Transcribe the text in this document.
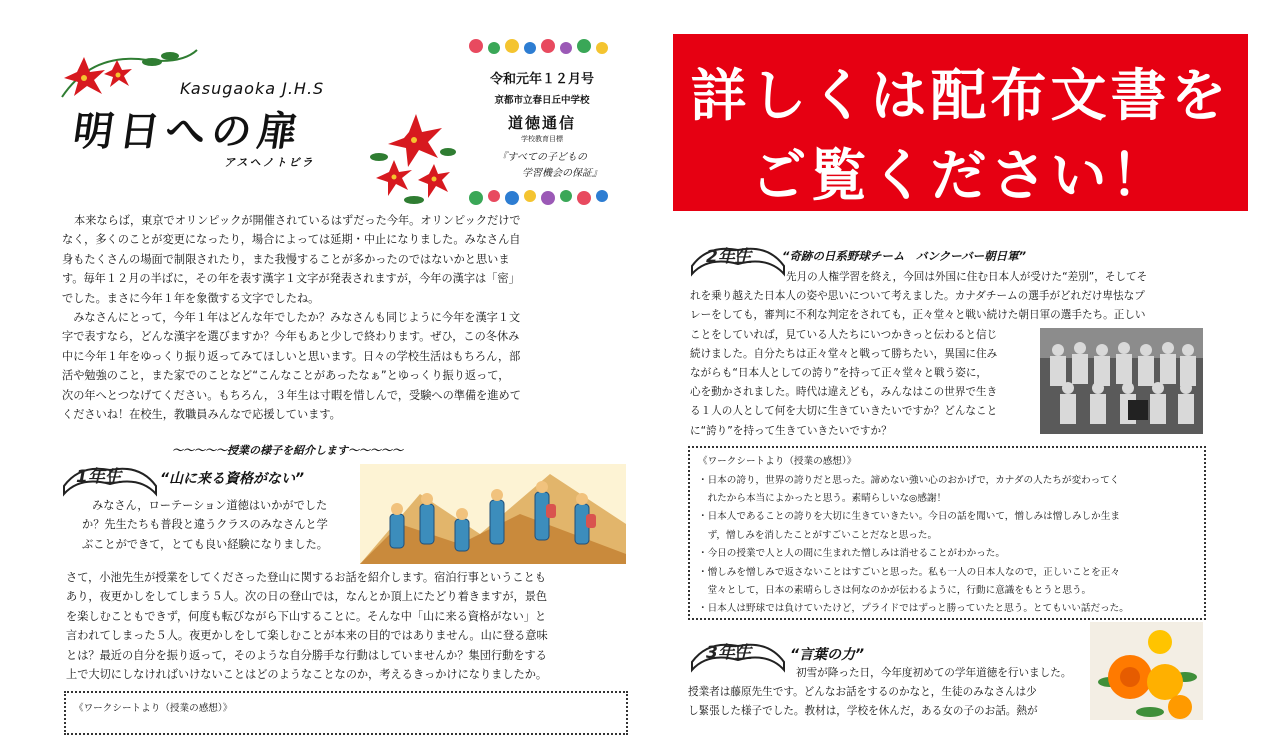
Kasugaoka J.H.S
明日への扉
アスヘノトビラ
令和元年１２月号
京都市立春日丘中学校
道徳通信
学校教育目標
『すべての子どもの
学習機会の保証』

本来ならば，東京でオリンピックが開催されているはずだった今年。オリンピックだけで

なく，多くのことが変更になったり，場合によっては延期・中止になりました。みなさん自

身もたくさんの場面で制限されたり，また我慢することが多かったのではないかと思いま

す。毎年１２月の半ばに，その年を表す漢字１文字が発表されますが，今年の漢字は「密」

でした。まさに今年１年を象徴する文字でしたね。

　みなさんにとって，今年１年はどんな年でしたか？みなさんも同じように今年を漢字１文

字で表すなら，どんな漢字を選びますか？今年もあと少しで終わります。ぜひ，この冬休み

中に今年１年をゆっくり振り返ってみてほしいと思います。日々の学校生活はもちろん，部

活や勉強のこと，また家でのことなど“こんなことがあったなぁ”とゆっくり振り返って，

次の年へとつなげてください。もちろん，３年生は寸暇を惜しんで，受験への準備を進めて

くださいね！在校生，教職員みんなで応援しています。

〜〜〜〜〜授業の様子を紹介します〜〜〜〜〜
1年生	“山に来る資格がない”

みなさん，ローテーション道徳はいかがでした

か？先生たちも普段と違うクラスのみなさんと学

ぶことができて，とても良い経験になりました。

さて，小池先生が授業をしてくださった登山に関するお話を紹介します。宿泊行事ということも

あり，夜更かしをしてしまう５人。次の日の登山では，なんとか頂上にたどり着きますが，景色

を楽しむこともできず，何度も転びながら下山することに。そんな中「山に来る資格がない」と

言われてしまった５人。夜更かしをして楽しむことが本来の目的ではありません。山に登る意味

とは？最近の自分を振り返って，そのような自分勝手な行動はしていませんか？集団行動をする

上で大切にしなければいけないことはどのようなことなのか，考えるきっかけになりましたか。

《ワークシートより（授業の感想）》
詳しくは配布文書を
ご覧ください！
2年生	“奇跡の日系野球チーム　バンクーバー朝日軍”

先月の人権学習を終え，今回は外国に住む日本人が受けた“差別”，そしてそ

れを乗り越えた日本人の姿や思いについて考えました。カナダチームの選手がどれだけ卑怯なプ

レーをしても，審判に不利な判定をされても，正々堂々と戦い続けた朝日軍の選手たち。正しい

ことをしていれば，見ている人たちにいつかきっと伝わると信じ

続けました。自分たちは正々堂々と戦って勝ちたい，異国に住み

ながらも“日本人としての誇り”を持って正々堂々と戦う姿に，

心を動かされました。時代は違えども，みんなはこの世界で生き

る１人の人として何を大切に生きていきたいですか？どんなこと

に“誇り”を持って生きていきたいですか？

《ワークシートより（授業の感想）》
・日本の誇り，世界の誇りだと思った。諦めない強い心のおかげで，カナダの人たちが変わってく
　れたから本当によかったと思う。素晴らしいな◎感謝！
・日本人であることの誇りを大切に生きていきたい。今日の話を聞いて，憎しみは憎しみしか生ま
　ず，憎しみを消したことがすごいことだなと思った。
・今日の授業で人と人の間に生まれた憎しみは消せることがわかった。
・憎しみを憎しみで返さないことはすごいと思った。私も一人の日本人なので，正しいことを正々
　堂々として，日本の素晴らしさは何なのかが伝わるように，行動に意識をもとうと思う。
・日本人は野球では負けていたけど，プライドではずっと勝っていたと思う。とてもいい話だった。
3年生	“言葉の力”

初雪が降った日，今年度初めての学年道徳を行いました。

授業者は藤原先生です。どんなお話をするのかなと，生徒のみなさんは少

し緊張した様子でした。教材は，学校を休んだ，ある女の子のお話。熱が
